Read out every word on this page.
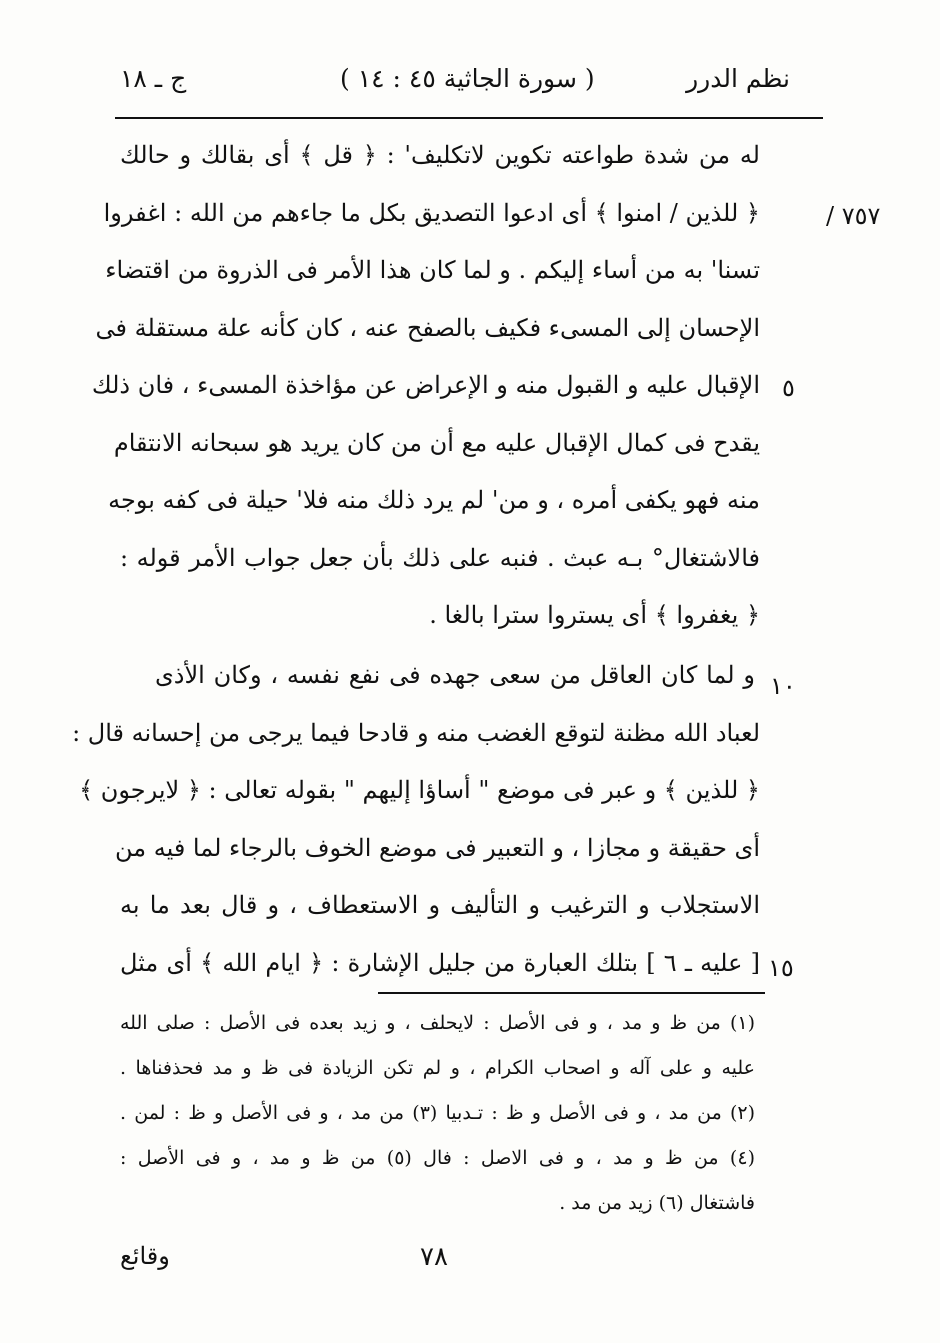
نظم الدرر
( سورة الجاثية ٤٥ : ١٤ )
ج ـ ١٨
٧٥٧ /
٥
١٠
١٥
له من شدة طواعته تكوين لاتكليف' : ﴿ قل ﴾ أى بقالك و حالك
﴿ للذين / امنوا ﴾ أى ادعوا التصديق بكل ما جاءهم من الله : اغفروا
تسنا' به من أساء إليكم . و لما كان هذا الأمر فى الذروة من اقتضاء
الإحسان إلى المسىء فكيف بالصفح عنه ، كان كأنه علة مستقلة فى
الإقبال عليه و القبول منه و الإعراض عن مؤاخذة المسىء ، فان ذلك
يقدح فى كمال الإقبال عليه مع أن من كان يريد هو سبحانه الانتقام
منه فهو يكفى أمره ، و من' لم يرد ذلك منه فلا' حيلة فى كفه بوجه
فالاشتغال° بـه عبث . فنبه على ذلك بأن جعل جواب الأمر قوله :
﴿ يغفروا ﴾ أى يستروا سترا بالغا .
و لما كان العاقل من سعى جهده فى نفع نفسه ، وكان الأذى
لعباد الله مظنة لتوقع الغضب منه و قادحا فيما يرجى من إحسانه قال :
﴿ للذين ﴾ و عبر فى موضع " أساؤا إليهم " بقوله تعالى : ﴿ لايرجون ﴾
أى حقيقة و مجازا ، و التعبير فى موضع الخوف بالرجاء لما فيه من
الاستجلاب و الترغيب و التأليف و الاستعطاف ، و قال بعد ما به
[ عليه ـ ٦ ] بتلك العبارة من جليل الإشارة : ﴿ ايام الله ﴾ أى مثل
(١) من ظ و مد ، و فى الأصل : لايحلف ، و زيد بعده فى الأصل : صلى الله
عليه و على آله و اصحاب الكرام ، و لم تكن الزيادة فى ظ و مد فحذفناها .
(٢) من مد ، و فى الأصل و ظ : تـدبيا (٣) من مد ، و فى الأصل و ظ : لمن .
(٤) من ظ و مد ، و فى الاصل : فال (٥) من ظ و مد ، و فى الأصل :
فاشتغال (٦) زيد من مد .
٧٨
وقائع
